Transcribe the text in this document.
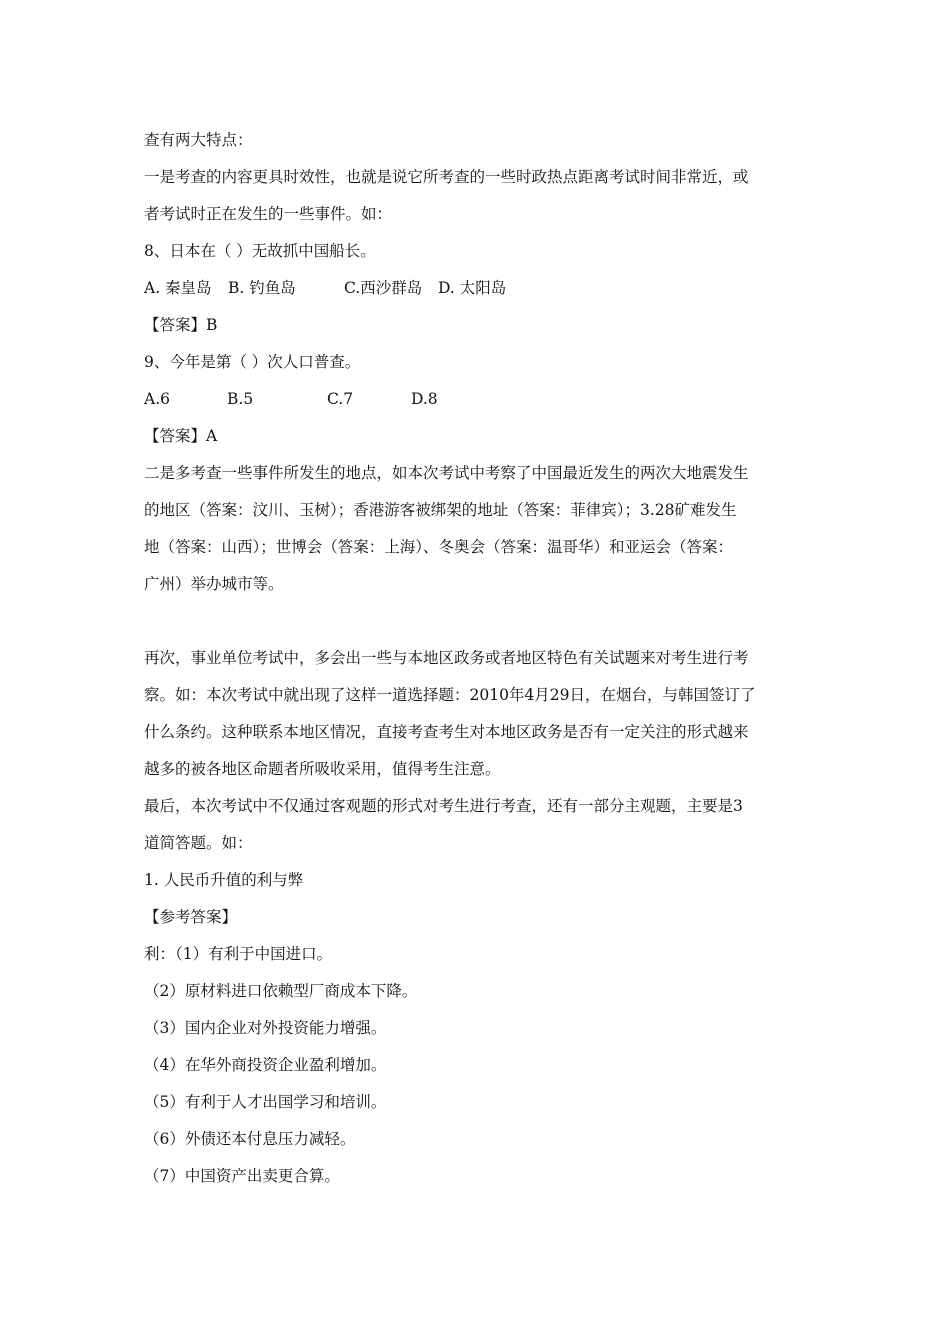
查有两大特点：
一是考查的内容更具时效性，也就是说它所考查的一些时政热点距离考试时间非常近，或
者考试时正在发生的一些事件。如：
8、日本在（ ）无故抓中国船长。
A. 秦皇岛 B. 钓鱼岛	C.西沙群岛 D. 太阳岛
【答案】B
9、今年是第（ ）次人口普查。
A.6	B.5	C.7	D.8
【答案】A
二是多考查一些事件所发生的地点，如本次考试中考察了中国最近发生的两次大地震发生
的地区（答案：汶川、玉树）；香港游客被绑架的地址（答案：菲律宾）；3.28矿难发生
地（答案：山西）；世博会（答案：上海）、冬奥会（答案：温哥华）和亚运会（答案：
广州）举办城市等。
再次，事业单位考试中，多会出一些与本地区政务或者地区特色有关试题来对考生进行考
察。如：本次考试中就出现了这样一道选择题：2010年4月29日，在烟台，与韩国签订了
什么条约。这种联系本地区情况，直接考查考生对本地区政务是否有一定关注的形式越来
越多的被各地区命题者所吸收采用，值得考生注意。
最后，本次考试中不仅通过客观题的形式对考生进行考查，还有一部分主观题，主要是3
道简答题。如：
1. 人民币升值的利与弊
【参考答案】
利：（1）有利于中国进口。
（2）原材料进口依赖型厂商成本下降。
（3）国内企业对外投资能力增强。
（4）在华外商投资企业盈利增加。
（5）有利于人才出国学习和培训。
（6）外债还本付息压力减轻。
（7）中国资产出卖更合算。
